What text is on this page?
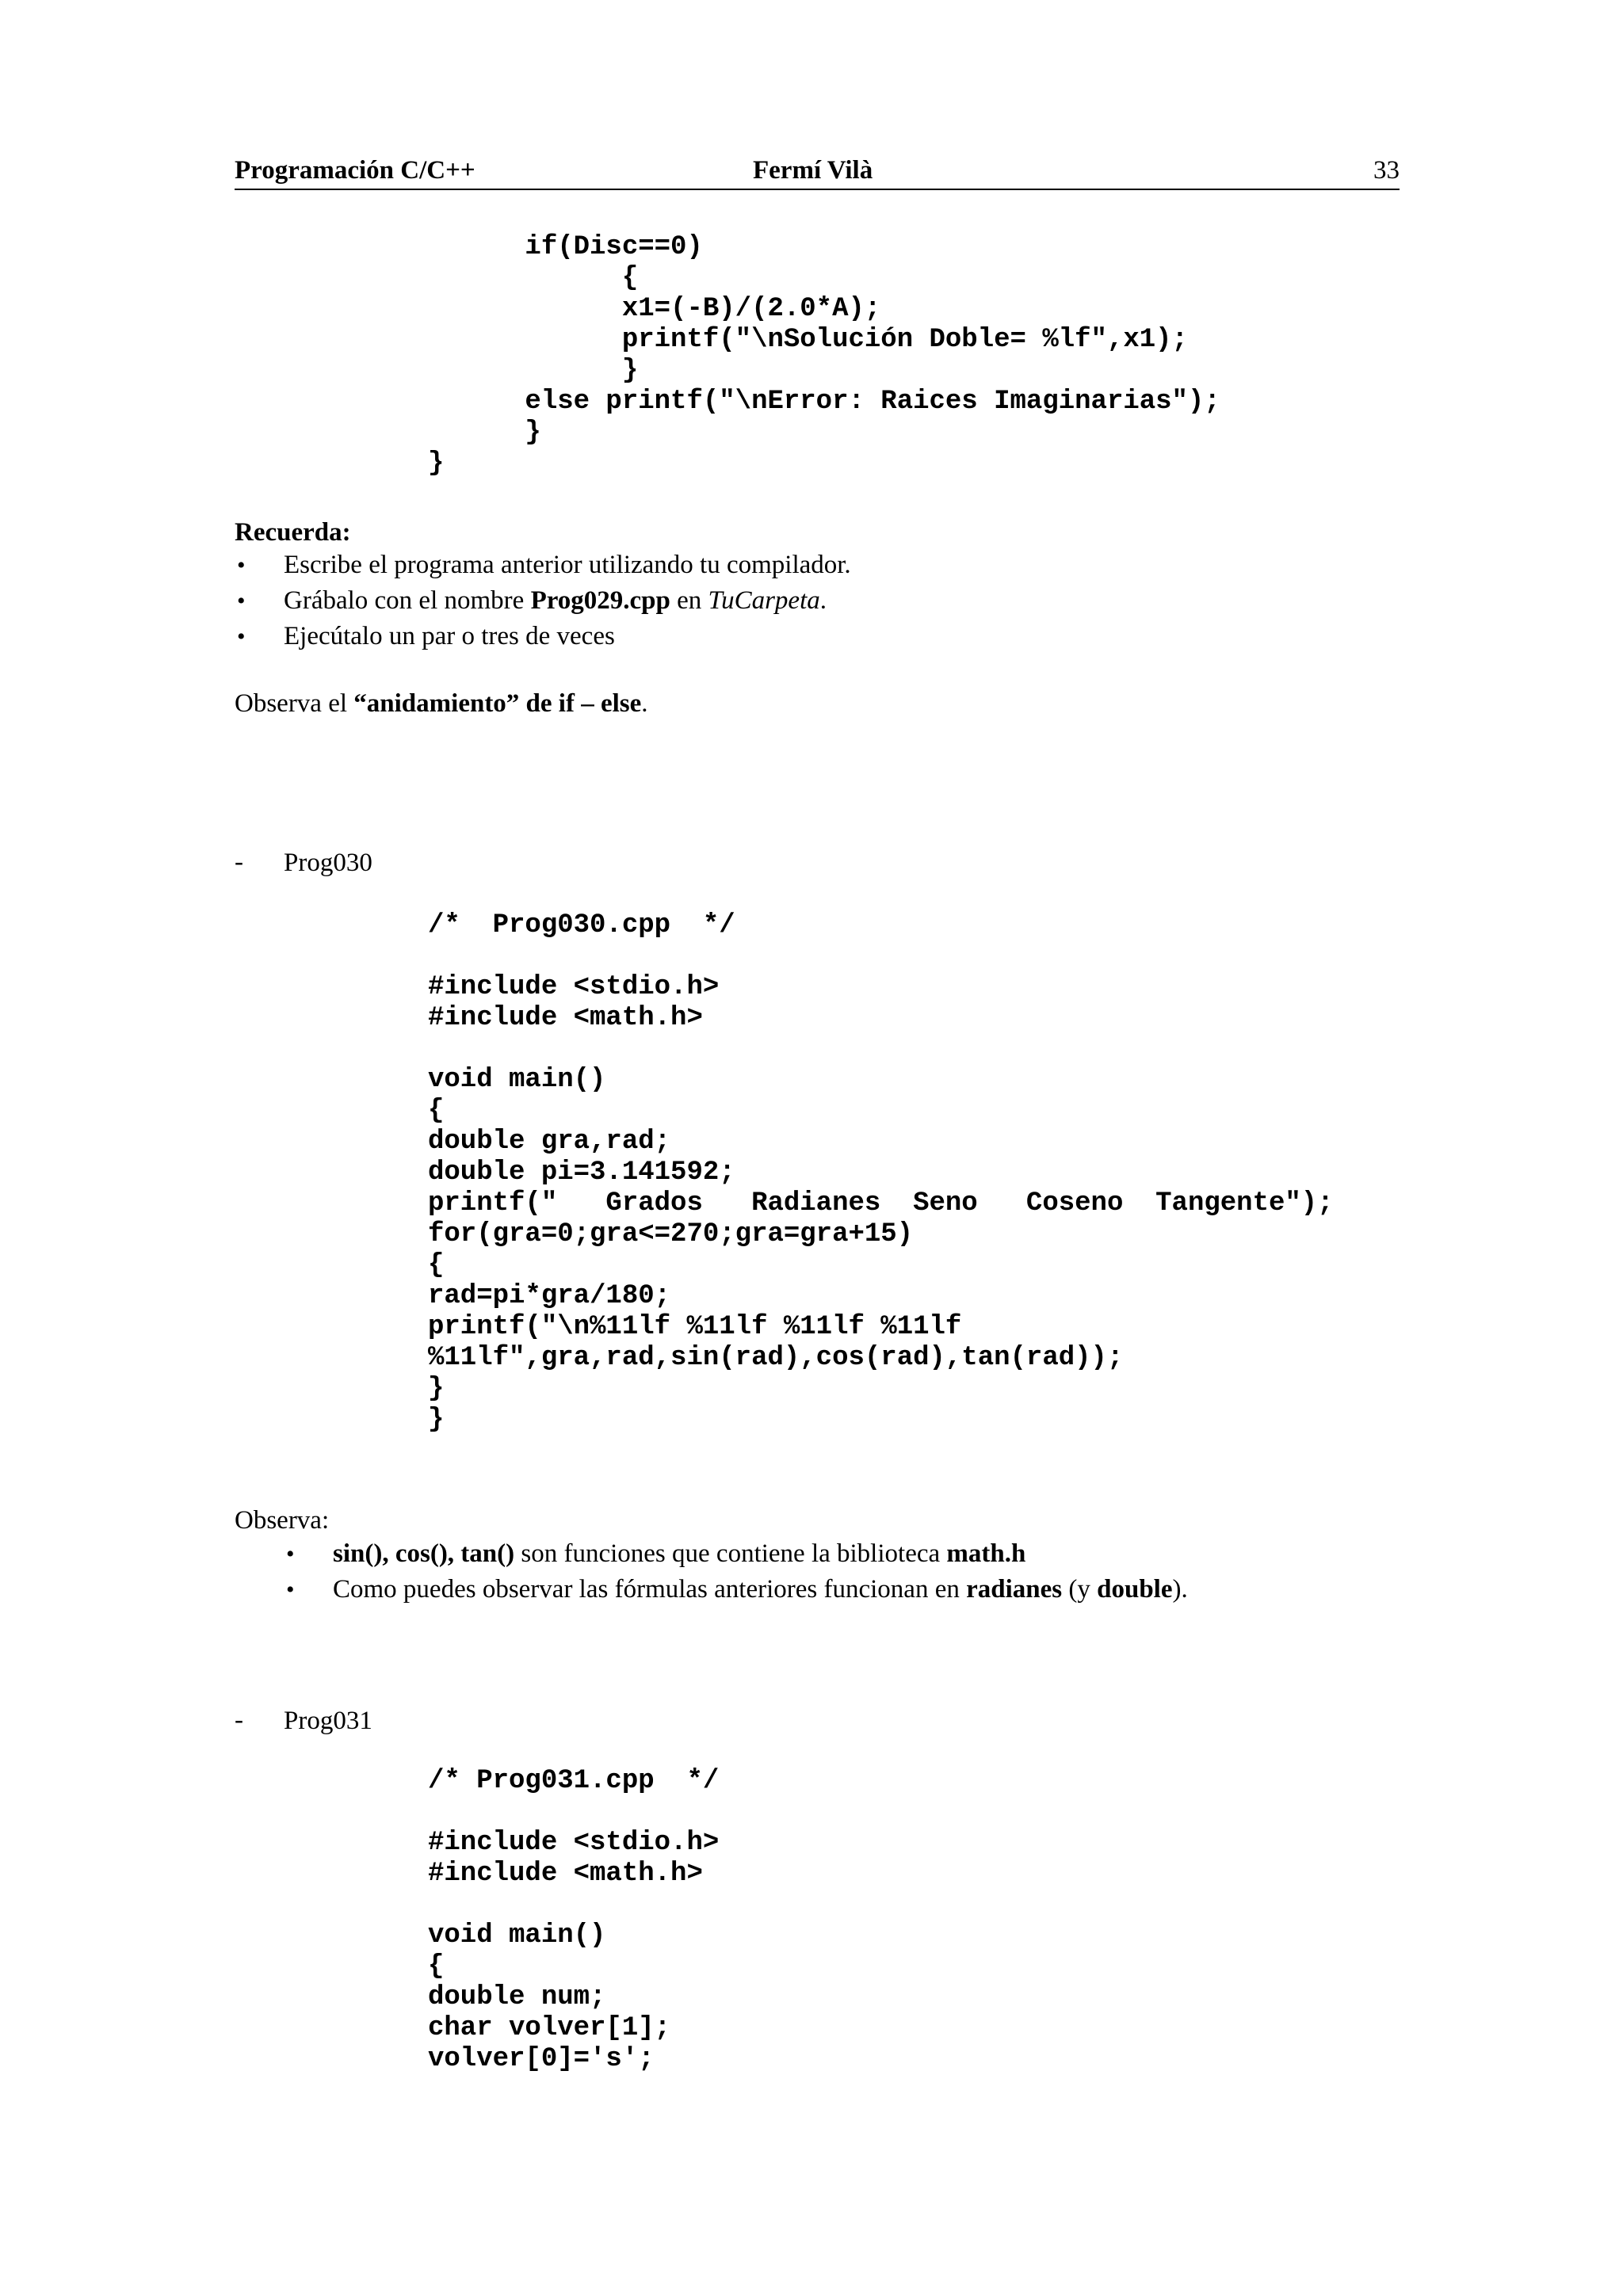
Programación C/C++	Fermí Vilà	33
if(Disc==0)
{
x1=(-B)/(2.0*A);
printf("\nSolución Doble= %lf",x1);
}
else printf("\nError: Raices Imaginarias");
}
}
Recuerda:
• Escribe el programa anterior utilizando tu compilador.
• Grábalo con el nombre Prog029.cpp en TuCarpeta.
• Ejecútalo un par o tres de veces
Observa el “anidamiento” de if – else.
- Prog030
/*  Prog030.cpp  */
#include <stdio.h>
#include <math.h>
void main()
{
double gra,rad;
double pi=3.141592;
printf("   Grados   Radianes  Seno   Coseno  Tangente");
for(gra=0;gra<=270;gra=gra+15)
{
rad=pi*gra/180;
printf("\n%11lf %11lf %11lf %11lf
%11lf",gra,rad,sin(rad),cos(rad),tan(rad));
}
}
Observa:
• sin(), cos(), tan() son funciones que contiene la biblioteca math.h
• Como puedes observar las fórmulas anteriores funcionan en radianes (y double).
- Prog031
/* Prog031.cpp  */
#include <stdio.h>
#include <math.h>
void main()
{
double num;
char volver[1];
volver[0]='s';
